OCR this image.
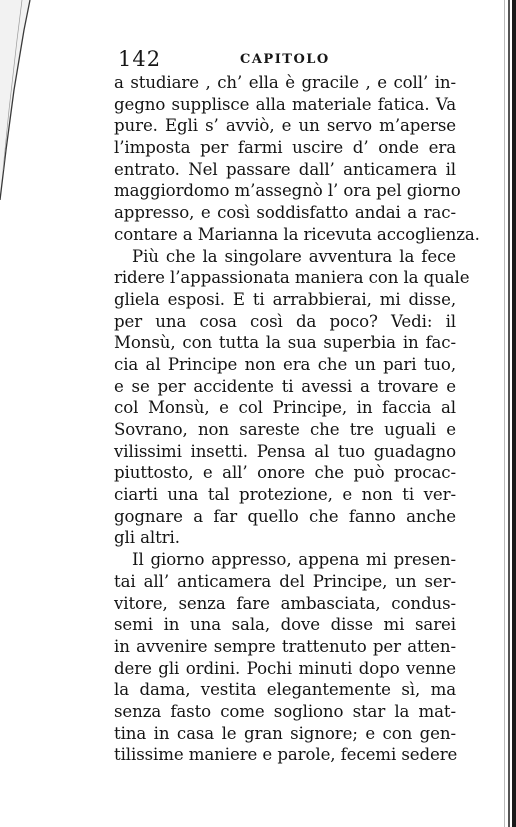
142	CAPITOLO
a studiare , ch’ ella è gracile , e coll’ in-
gegno supplisce alla materiale fatica. Va
pure. Egli s’ avviò, e un servo m’aperse
l’imposta per farmi uscire d’ onde era
entrato. Nel passare dall’ anticamera il
maggiordomo m’assegnò l’ ora pel giorno
appresso, e così soddisfatto andai a rac-
contare a Marianna la ricevuta accoglienza.
Più che la singolare avventura la fece
ridere l’appassionata maniera con la quale
gliela esposi. E ti arrabbierai, mi disse,
per una cosa così da poco? Vedi: il
Monsù, con tutta la sua superbia in fac-
cia al Principe non era che un pari tuo,
e se per accidente ti avessi a trovare e
col Monsù, e col Principe, in faccia al
Sovrano, non sareste che tre uguali e
vilissimi insetti. Pensa al tuo guadagno
piuttosto, e all’ onore che può procac-
ciarti una tal protezione, e non ti ver-
gognare a far quello che fanno anche
gli altri.
Il giorno appresso, appena mi presen-
tai all’ anticamera del Principe, un ser-
vitore, senza fare ambasciata, condus-
semi in una sala, dove disse mi sarei
in avvenire sempre trattenuto per atten-
dere gli ordini. Pochi minuti dopo venne
la dama, vestita elegantemente sì, ma
senza fasto come sogliono star la mat-
tina in casa le gran signore; e con gen-
tilissime maniere e parole, fecemi sedere
